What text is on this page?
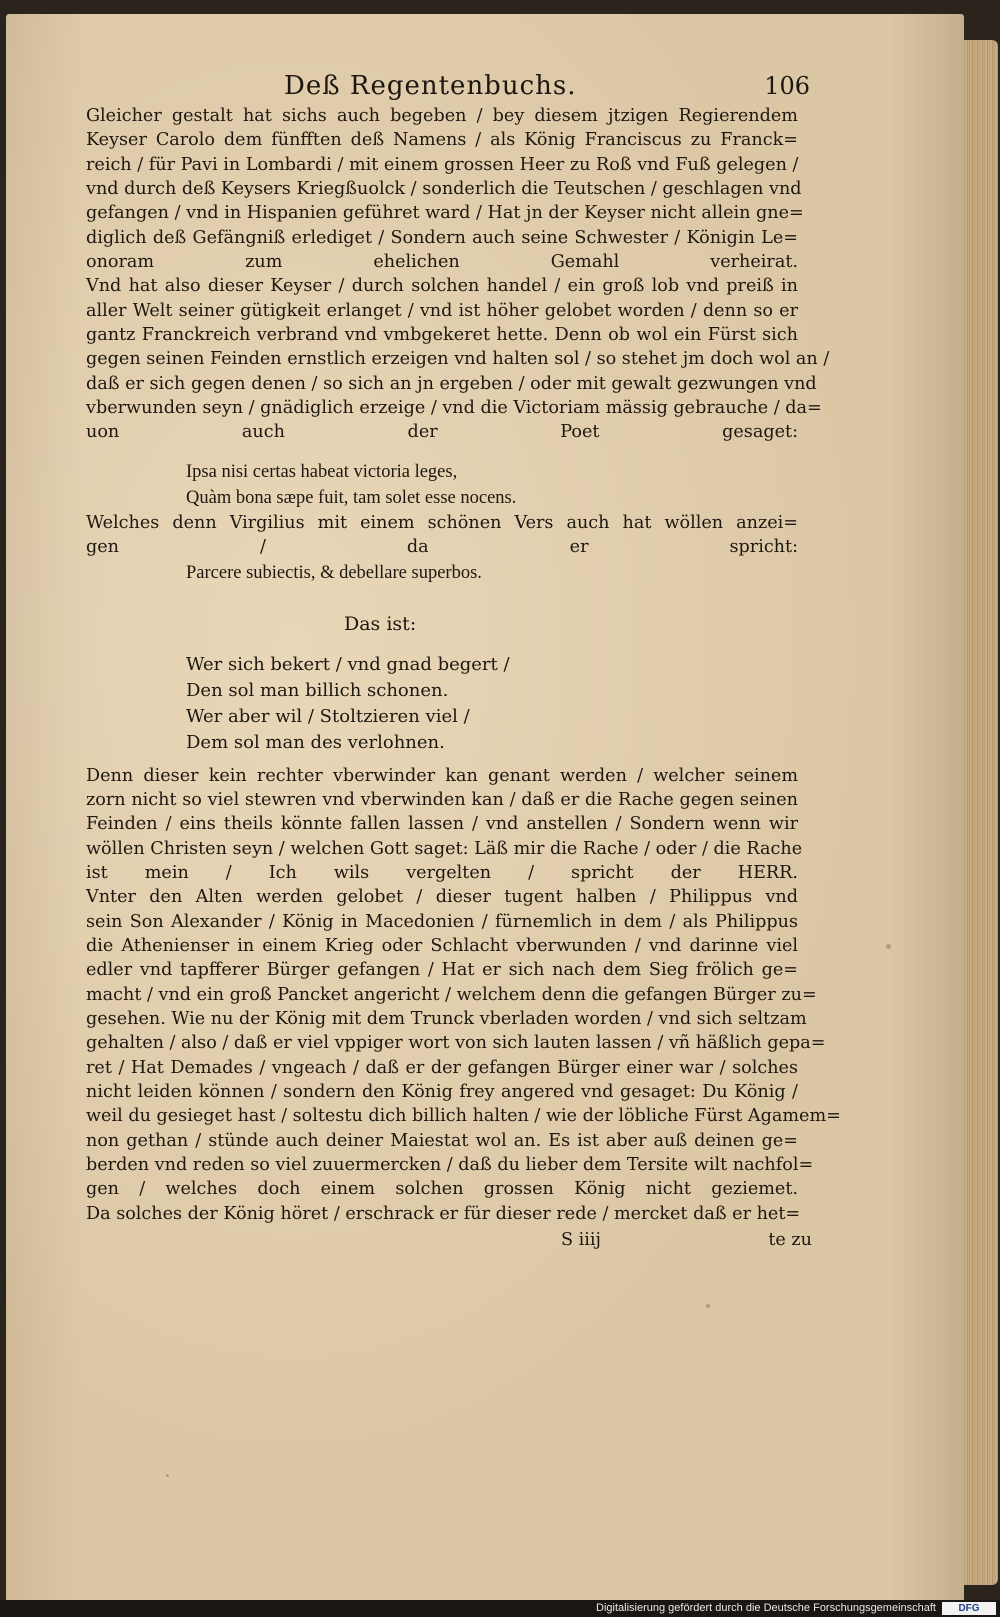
Deß Regentenbuchs.	106
Gleicher gestalt hat sichs auch begeben / bey diesem jtzigen Regierendem
Keyser Carolo dem fünfften deß Namens / als König Franciscus zu Franck=
reich / für Pavi in Lombardi / mit einem grossen Heer zu Roß vnd Fuß gelegen /
vnd durch deß Keysers Kriegßuolck / sonderlich die Teutschen / geschlagen vnd
gefangen / vnd in Hispanien geführet ward / Hat jn der Keyser nicht allein gne=
diglich deß Gefängniß erlediget / Sondern auch seine Schwester / Königin Le=
onoram zum ehelichen Gemahl verheirat.
Vnd hat also dieser Keyser / durch solchen handel / ein groß lob vnd preiß in
aller Welt seiner gütigkeit erlanget / vnd ist höher gelobet worden / denn so er
gantz Franckreich verbrand vnd vmbgekeret hette. Denn ob wol ein Fürst sich
gegen seinen Feinden ernstlich erzeigen vnd halten sol / so stehet jm doch wol an /
daß er sich gegen denen / so sich an jn ergeben / oder mit gewalt gezwungen vnd
vberwunden seyn / gnädiglich erzeige / vnd die Victoriam mässig gebrauche / da=
uon auch der Poet gesaget:
Ipsa nisi certas habeat victoria leges,
Quàm bona sæpe fuit, tam solet esse nocens.
Welches denn Virgilius mit einem schönen Vers auch hat wöllen anzei=
gen / da er spricht:
Parcere subiectis, & debellare superbos.
Das ist:
Wer sich bekert / vnd gnad begert /
Den sol man billich schonen.
Wer aber wil / Stoltzieren viel /
Dem sol man des verlohnen.
Denn dieser kein rechter vberwinder kan genant werden / welcher seinem
zorn nicht so viel stewren vnd vberwinden kan / daß er die Rache gegen seinen
Feinden / eins theils könnte fallen lassen / vnd anstellen / Sondern wenn wir
wöllen Christen seyn / welchen Gott saget: Läß mir die Rache / oder / die Rache
ist mein / Ich wils vergelten / spricht der HERR.
Vnter den Alten werden gelobet / dieser tugent halben / Philippus vnd
sein Son Alexander / König in Macedonien / fürnemlich in dem / als Philippus
die Athenienser in einem Krieg oder Schlacht vberwunden / vnd darinne viel
edler vnd tapfferer Bürger gefangen / Hat er sich nach dem Sieg frölich ge=
macht / vnd ein groß Pancket angericht / welchem denn die gefangen Bürger zu=
gesehen. Wie nu der König mit dem Trunck vberladen worden / vnd sich seltzam
gehalten / also / daß er viel vppiger wort von sich lauten lassen / vñ häßlich gepa=
ret / Hat Demades / vngeach / daß er der gefangen Bürger einer war / solches
nicht leiden können / sondern den König frey angered vnd gesaget: Du König /
weil du gesieget hast / soltestu dich billich halten / wie der löbliche Fürst Agamem=
non gethan / stünde auch deiner Maiestat wol an. Es ist aber auß deinen ge=
berden vnd reden so viel zuuermercken / daß du lieber dem Tersite wilt nachfol=
gen / welches doch einem solchen grossen König nicht geziemet.
Da solches der König höret / erschrack er für dieser rede / mercket daß er het=
S iiij	te zu
Digitalisierung gefördert durch die Deutsche Forschungsgemeinschaft	DFG
